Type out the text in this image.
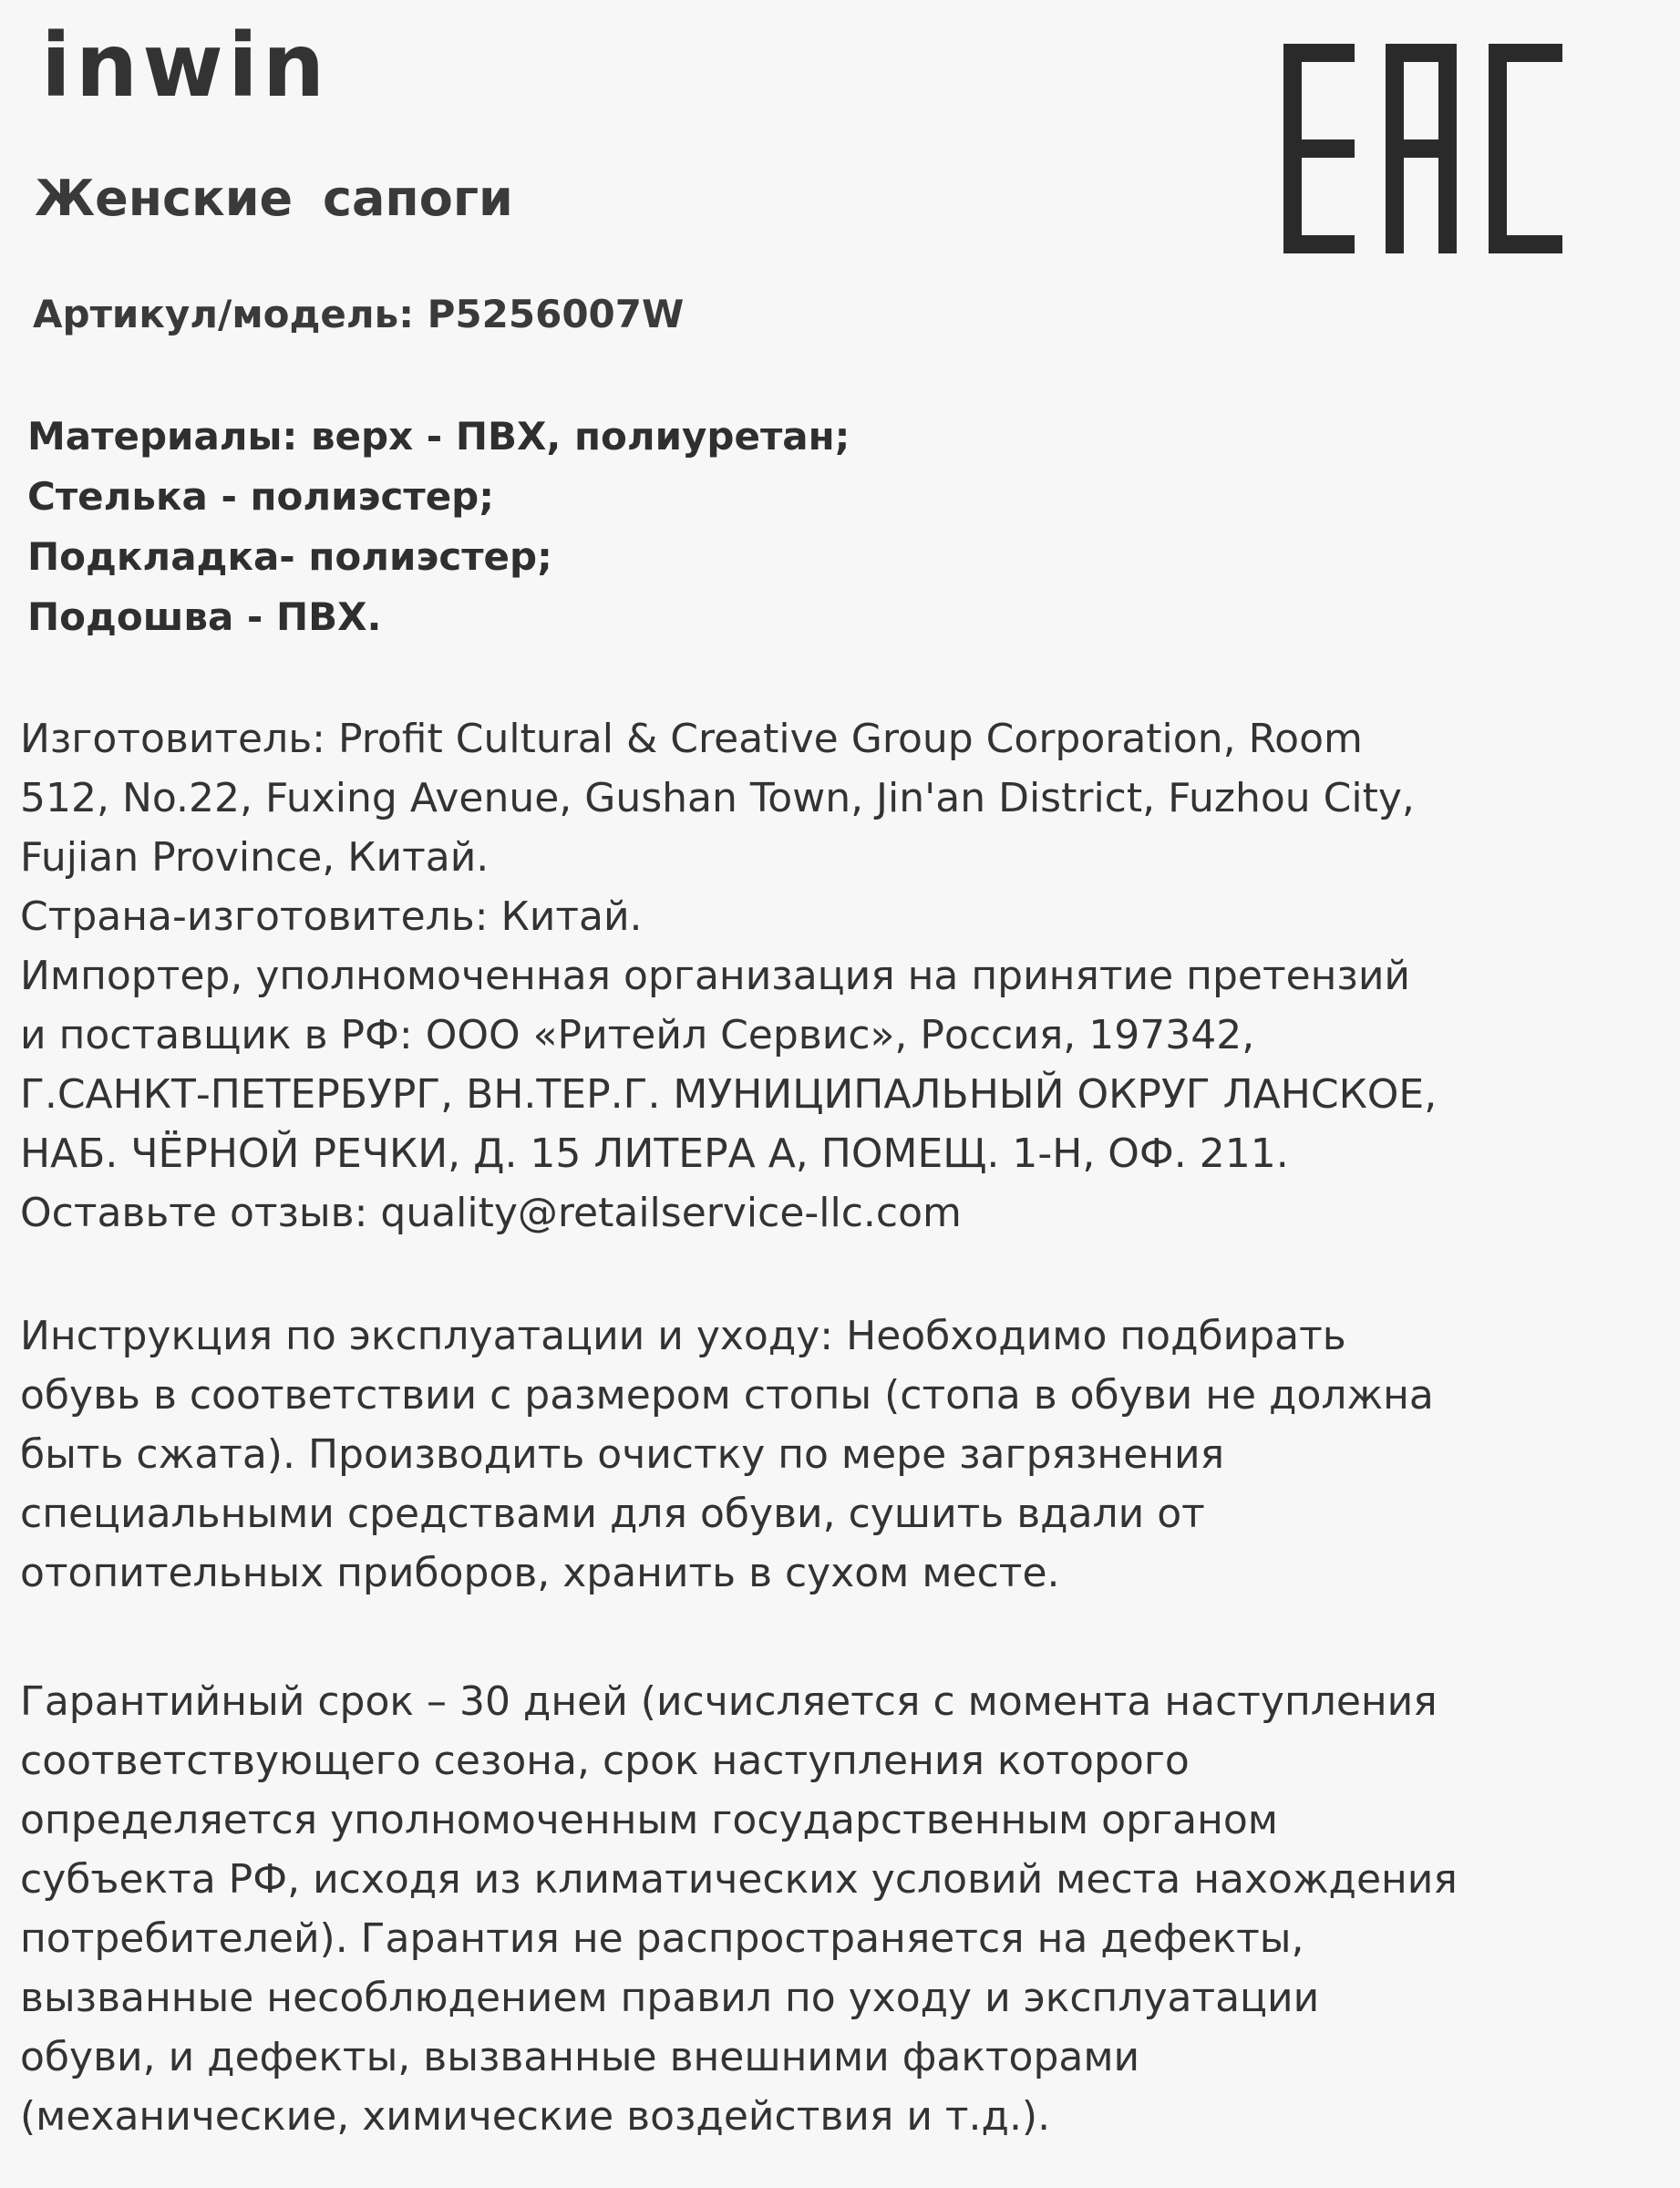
inwin
Женские сапоги

Артикул/модель: P5256007W

Материалы: верх - ПВХ, полиуретан;
Стелька - полиэстер;
Подкладка- полиэстер;
Подошва - ПВХ.
Изготовитель: Profit Cultural & Creative Group Corporation, Room
512, No.22, Fuxing Avenue, Gushan Town, Jin'an District, Fuzhou City,
Fujian Province, Китай.
Страна-изготовитель: Китай.
Импортер, уполномоченная организация на принятие претензий
и поставщик в РФ: ООО «Ритейл Сервис», Россия, 197342,
Г.САНКТ-ПЕТЕРБУРГ, ВН.ТЕР.Г. МУНИЦИПАЛЬНЫЙ ОКРУГ ЛАНСКОЕ,
НАБ. ЧЁРНОЙ РЕЧКИ, Д. 15 ЛИТЕРА А, ПОМЕЩ. 1-Н, ОФ. 211.
Оставьте отзыв: quality@retailservice-llc.com
Инструкция по эксплуатации и уходу: Необходимо подбирать
обувь в соответствии с размером стопы (стопа в обуви не должна
быть сжата). Производить очистку по мере загрязнения
специальными средствами для обуви, сушить вдали от
отопительных приборов, хранить в сухом месте.
Гарантийный срок – 30 дней (исчисляется с момента наступления
соответствующего сезона, срок наступления которого
определяется уполномоченным государственным органом
субъекта РФ, исходя из климатических условий места нахождения
потребителей). Гарантия не распространяется на дефекты,
вызванные несоблюдением правил по уходу и эксплуатации
обуви, и дефекты, вызванные внешними факторами
(механические, химические воздействия и т.д.).
